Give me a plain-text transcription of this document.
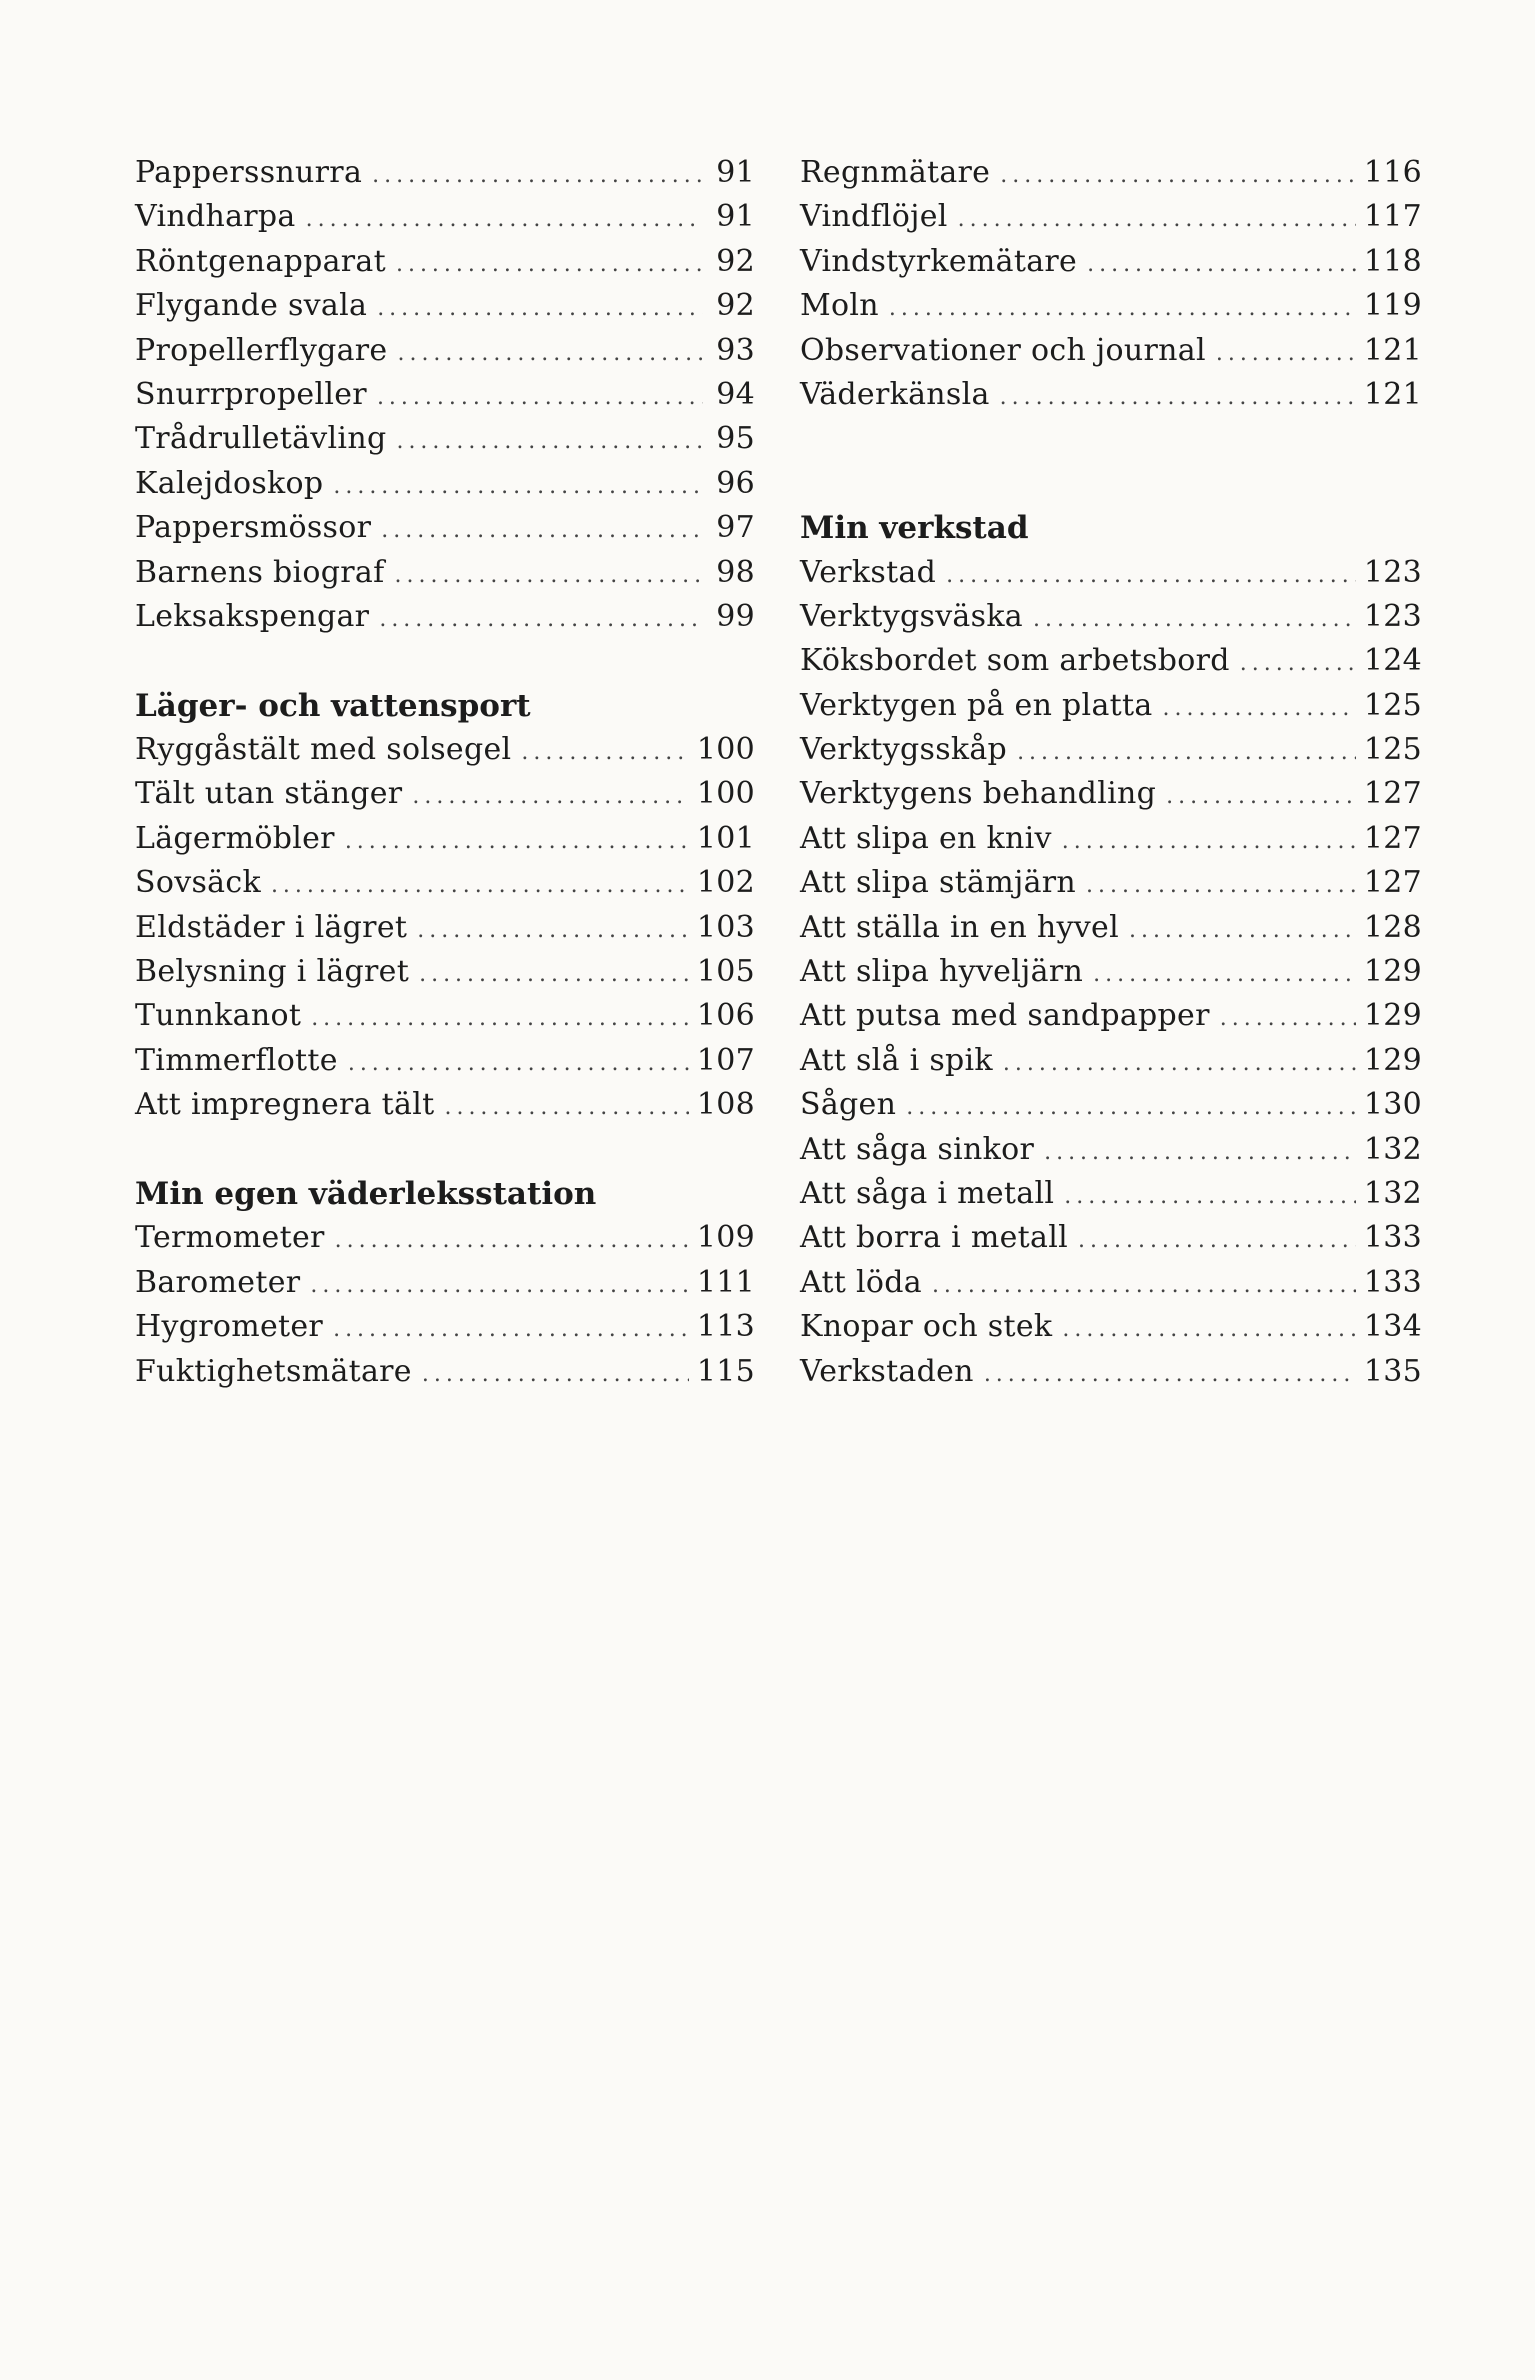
Papperssnurra . . .	91
Vindharpa . . .	91
Röntgenapparat . . .	92
Flygande svala . . .	92
Propellerflygare . . .	93
Snurrpropeller . . .	94
Trådrulletävling . . .	95
Kalejdoskop . . .	96
Pappersmössor . . .	97
Barnens biograf . . .	98
Leksakspengar . . .	99
Läger- och vattensport
Ryggåstält med solsegel . . .	100
Tält utan stänger . . .	100
Lägermöbler . . .	101
Sovsäck . . .	102
Eldstäder i lägret . . .	103
Belysning i lägret . . .	105
Tunnkanot . . .	106
Timmerflotte . . .	107
Att impregnera tält . . .	108
Min egen väderleksstation
Termometer . . .	109
Barometer . . .	111
Hygrometer . . .	113
Fuktighetsmätare . . .	115
Regnmätare . . .	116
Vindflöjel . . .	117
Vindstyrkemätare . . .	118
Moln . . .	119
Observationer och journal . . .	121
Väderkänsla . . .	121
Min verkstad
Verkstad . . .	123
Verktygsväska . . .	123
Köksbordet som arbetsbord . . .	124
Verktygen på en platta . . .	125
Verktygsskåp . . .	125
Verktygens behandling . . .	127
Att slipa en kniv . . .	127
Att slipa stämjärn . . .	127
Att ställa in en hyvel . . .	128
Att slipa hyveljärn . . .	129
Att putsa med sandpapper . . .	129
Att slå i spik . . .	129
Sågen . . .	130
Att såga sinkor . . .	132
Att såga i metall . . .	132
Att borra i metall . . .	133
Att löda . . .	133
Knopar och stek . . .	134
Verkstaden . . .	135
